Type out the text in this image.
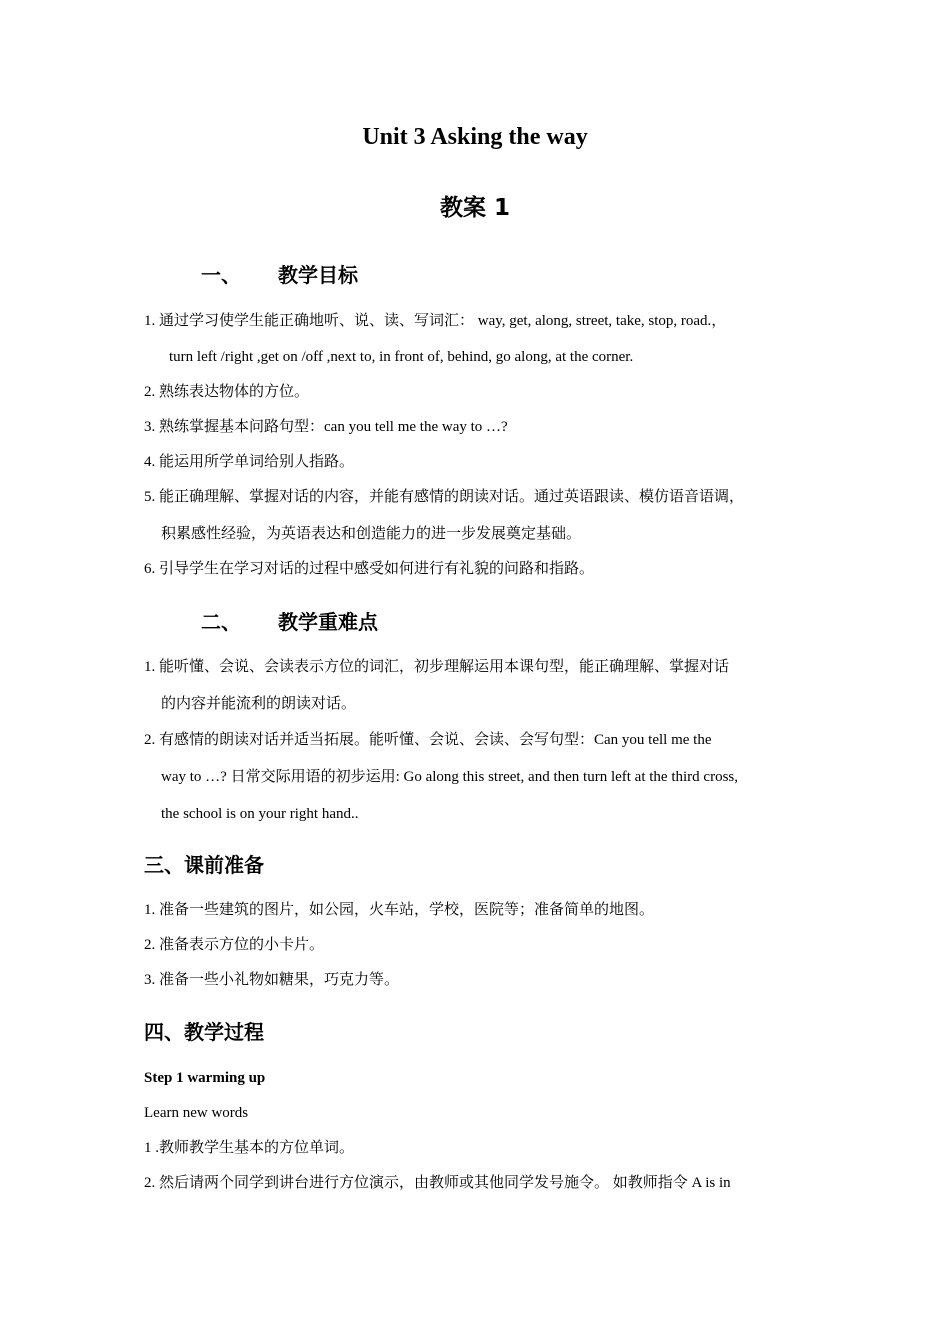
Unit 3 Asking the way
教案 1
一、 教学目标
1. 通过学习使学生能正确地听、说、读、写词汇： way, get, along, street, take, stop, road.，
turn left /right ,get on /off ,next to, in front of, behind, go along, at the corner.
2. 熟练表达物体的方位。
3. 熟练掌握基本问路句型：can you tell me the way to …?
4. 能运用所学单词给别人指路。
5. 能正确理解、掌握对话的内容，并能有感情的朗读对话。通过英语跟读、模仿语音语调，
积累感性经验，为英语表达和创造能力的进一步发展奠定基础。
6. 引导学生在学习对话的过程中感受如何进行有礼貌的问路和指路。
二、 教学重难点
1. 能听懂、会说、会读表示方位的词汇，初步理解运用本课句型，能正确理解、掌握对话
的内容并能流利的朗读对话。
2. 有感情的朗读对话并适当拓展。能听懂、会说、会读、会写句型：Can you tell me the
way to …? 日常交际用语的初步运用: Go along this street, and then turn left at the third cross,
the school is on your right hand..
三、课前准备
1. 准备一些建筑的图片，如公园，火车站，学校，医院等；准备简单的地图。
2. 准备表示方位的小卡片。
3. 准备一些小礼物如糖果，巧克力等。
四、教学过程
Step 1 warming up
Learn new words
1 .教师教学生基本的方位单词。
2. 然后请两个同学到讲台进行方位演示，由教师或其他同学发号施令。 如教师指令 A is in
